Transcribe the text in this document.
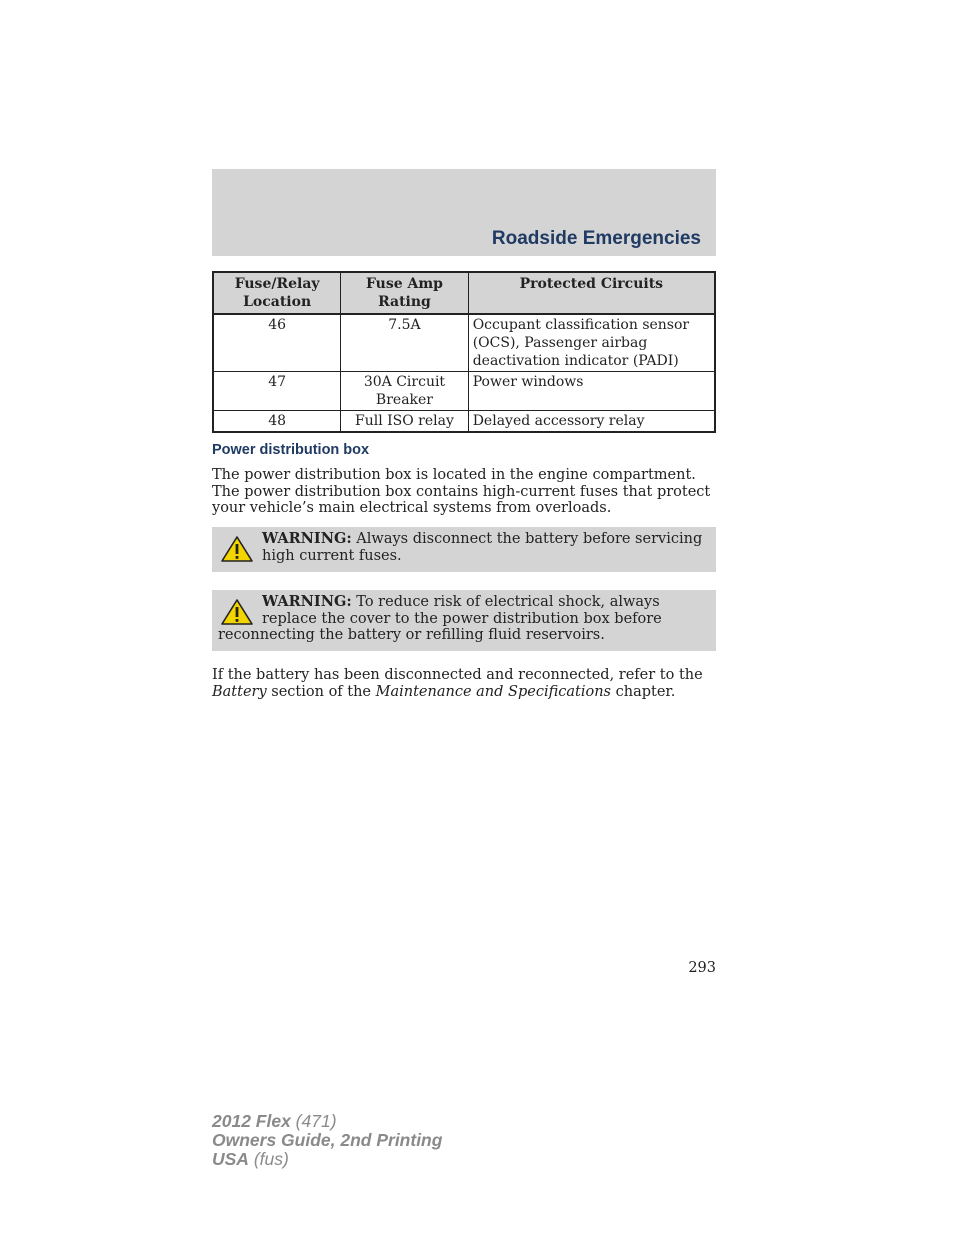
Roadside Emergencies
Fuse/Relay Location	Fuse Amp Rating	Protected Circuits
46	7.5A	Occupant classification sensor (OCS), Passenger airbag deactivation indicator (PADI)
47	30A Circuit Breaker	Power windows
48	Full ISO relay	Delayed accessory relay
Power distribution box
The power distribution box is located in the engine compartment. The power distribution box contains high-current fuses that protect your vehicle’s main electrical systems from overloads.
WARNING: Always disconnect the battery before servicing high current fuses.
WARNING: To reduce risk of electrical shock, always replace the cover to the power distribution box before reconnecting the battery or refilling fluid reservoirs.
If the battery has been disconnected and reconnected, refer to the Battery section of the Maintenance and Specifications chapter.
293
2012 Flex (471)
Owners Guide, 2nd Printing
USA (fus)
